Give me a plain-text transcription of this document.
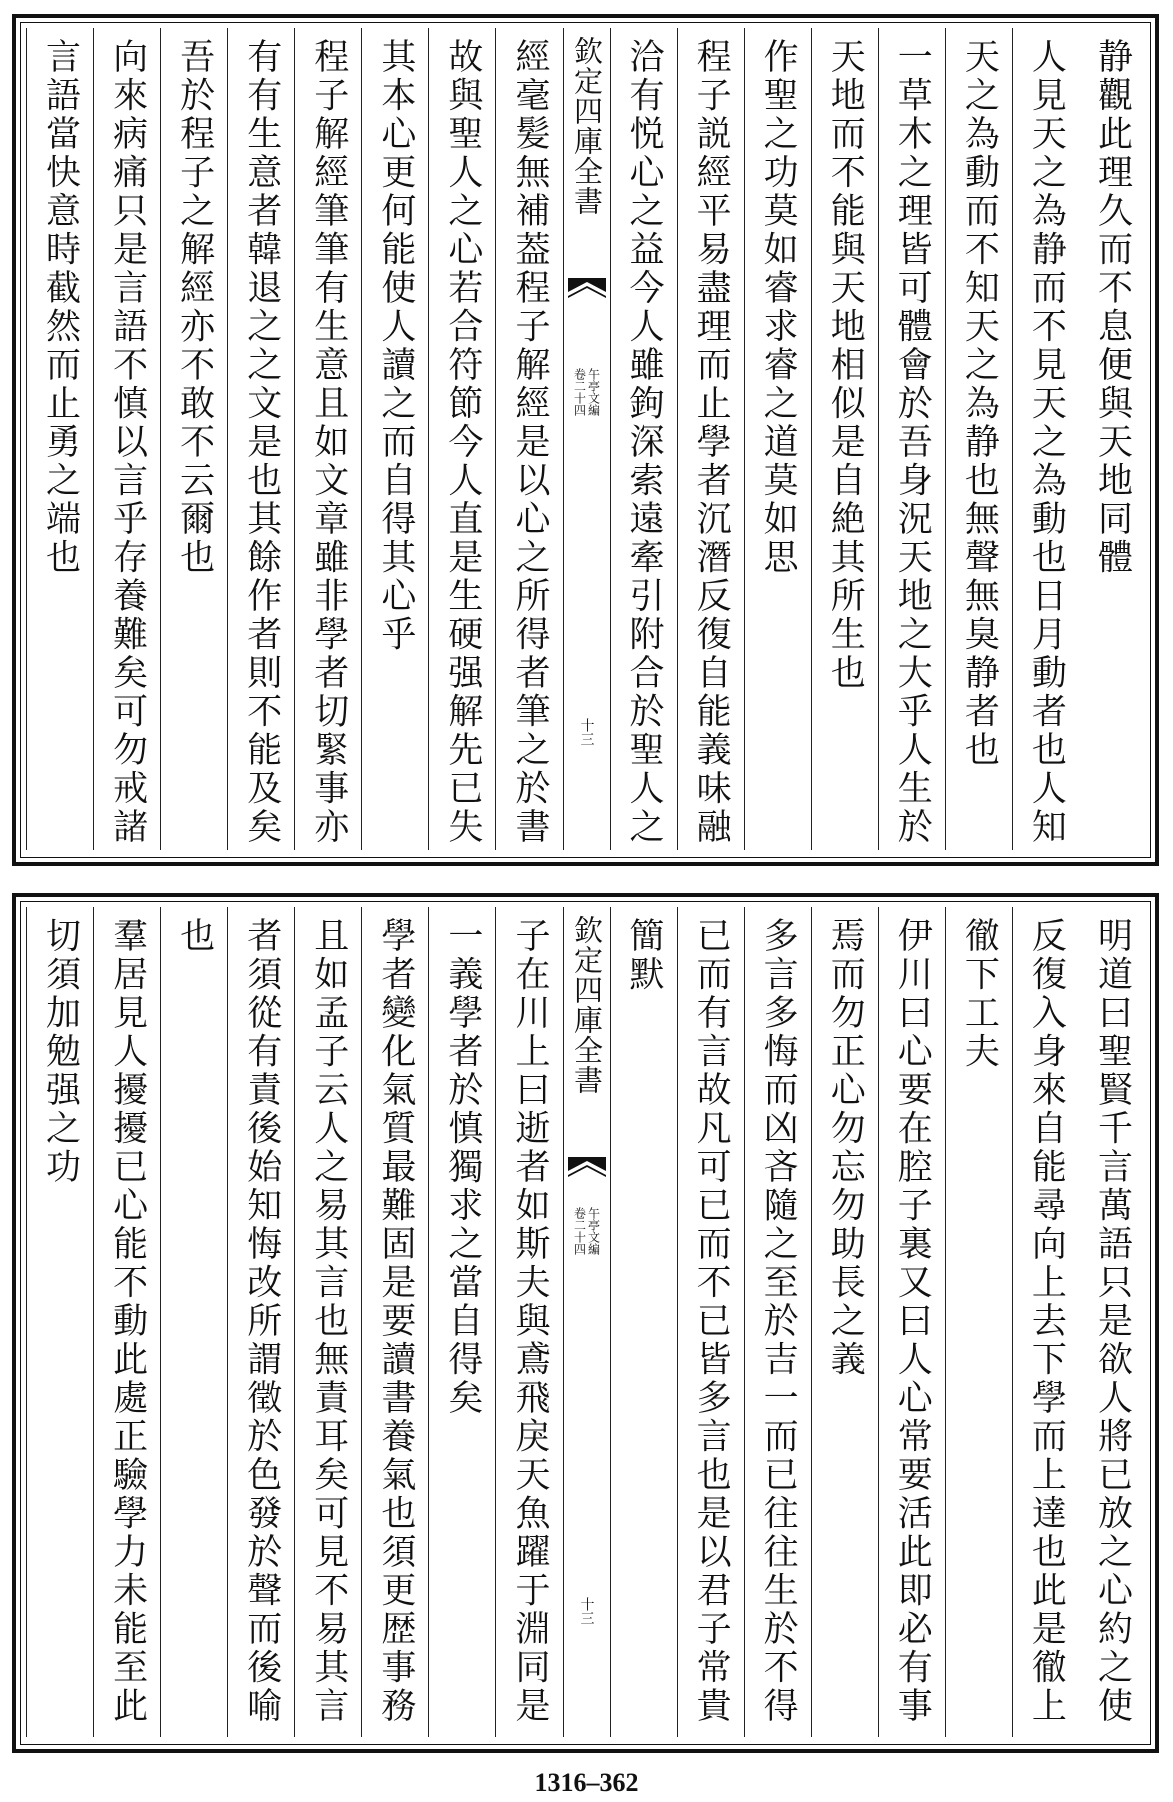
静觀此理久而不息便與天地同體
人見天之為静而不見天之為動也日月動者也人知
天之為動而不知天之為静也無聲無臭静者也
一草木之理皆可體會於吾身況天地之大乎人生於
天地而不能與天地相似是自絶其所生也
作聖之功莫如睿求睿之道莫如思
程子説經平易盡理而止學者沉潛反復自能義味融
洽有悦心之益今人雖鉤深索遠牽引附合於聖人之
欽定四庫全書
午亭文編
卷二十四
十三
經毫髪無補葢程子解經是以心之所得者筆之於書
故與聖人之心若合符節今人直是生硬强解先已失
其本心更何能使人讀之而自得其心乎
程子解經筆筆有生意且如文章雖非學者切緊事亦
有有生意者韓退之之文是也其餘作者則不能及矣
吾於程子之解經亦不敢不云爾也
向來病痛只是言語不慎以言乎存養難矣可勿戒諸
言語當快意時截然而止勇之端也
明道曰聖賢千言萬語只是欲人將已放之心約之使
反復入身來自能尋向上去下學而上達也此是徹上
徹下工夫
伊川曰心要在腔子裏又曰人心常要活此即必有事
焉而勿正心勿忘勿助長之義
多言多悔而凶吝隨之至於吉一而已往往生於不得
已而有言故凡可已而不已皆多言也是以君子常貴
簡默
欽定四庫全書
午亭文編
卷二十四
十三
子在川上曰逝者如斯夫與鳶飛戾天魚躍于淵同是
一義學者於慎獨求之當自得矣
學者變化氣質最難固是要讀書養氣也須更歴事務
且如孟子云人之易其言也無責耳矣可見不易其言
者須從有責後始知悔改所謂徵於色發於聲而後喻
也
羣居見人擾擾已心能不動此處正驗學力未能至此
切須加勉强之功
1316–362
